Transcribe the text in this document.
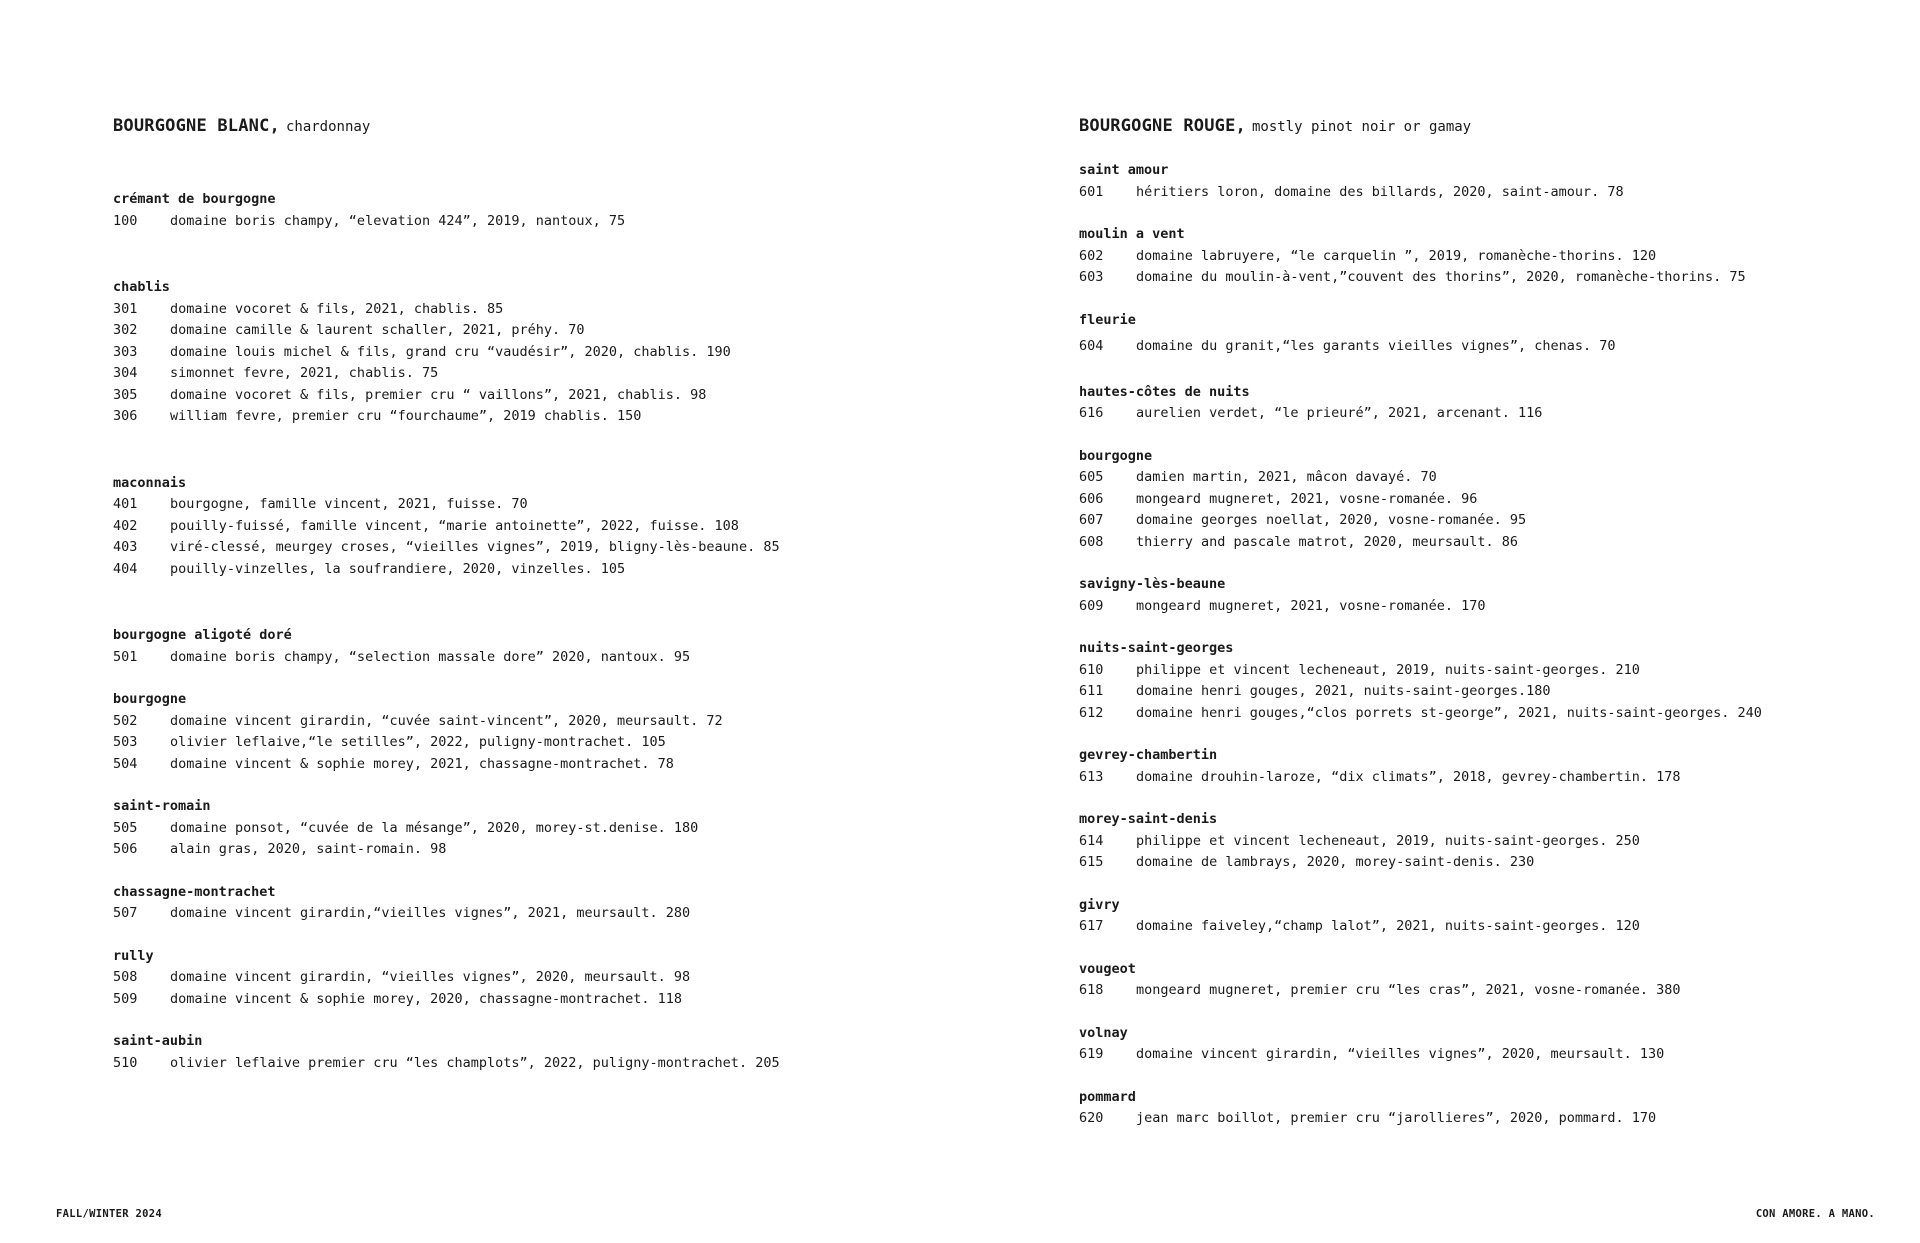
BOURGOGNE BLANC, chardonnay
crémant de bourgogne
100	domaine boris champy, “elevation 424”, 2019, nantoux, 75
chablis
301	domaine vocoret & fils, 2021, chablis. 85
302	domaine camille & laurent schaller, 2021, préhy. 70
303	domaine louis michel & fils, grand cru “vaudésir”, 2020, chablis. 190
304	simonnet fevre, 2021, chablis. 75
305	domaine vocoret & fils, premier cru “ vaillons”, 2021, chablis. 98
306	william fevre, premier cru “fourchaume”, 2019 chablis. 150
maconnais
401	bourgogne, famille vincent, 2021, fuisse. 70
402	pouilly-fuissé, famille vincent, “marie antoinette”, 2022, fuisse. 108
403	viré-clessé, meurgey croses, “vieilles vignes”, 2019, bligny-lès-beaune. 85
404	pouilly-vinzelles, la soufrandiere, 2020, vinzelles. 105
bourgogne aligoté doré
501	domaine boris champy, “selection massale dore” 2020, nantoux. 95
bourgogne
502	domaine vincent girardin, “cuvée saint-vincent”, 2020, meursault. 72
503	olivier leflaive,“le setilles”, 2022, puligny-montrachet. 105
504	domaine vincent & sophie morey, 2021, chassagne-montrachet. 78
saint-romain
505	domaine ponsot, “cuvée de la mésange”, 2020, morey-st.denise. 180
506	alain gras, 2020, saint-romain. 98
chassagne-montrachet
507	domaine vincent girardin,“vieilles vignes”, 2021, meursault. 280
rully
508	domaine vincent girardin, “vieilles vignes”, 2020, meursault. 98
509	domaine vincent & sophie morey, 2020, chassagne-montrachet. 118
saint-aubin
510	olivier leflaive premier cru “les champlots”, 2022, puligny-montrachet. 205
BOURGOGNE ROUGE, mostly pinot noir or gamay
saint amour
601	héritiers loron, domaine des billards, 2020, saint-amour. 78
moulin a vent
602	domaine labruyere, “le carquelin ”, 2019, romanèche-thorins. 120
603	domaine du moulin-à-vent,”couvent des thorins”, 2020, romanèche-thorins. 75
fleurie
604	domaine du granit,“les garants vieilles vignes”, chenas. 70
hautes-côtes de nuits
616	aurelien verdet, “le prieuré”, 2021, arcenant. 116
bourgogne
605	damien martin, 2021, mâcon davayé. 70
606	mongeard mugneret, 2021, vosne-romanée. 96
607	domaine georges noellat, 2020, vosne-romanée. 95
608	thierry and pascale matrot, 2020, meursault. 86
savigny-lès-beaune
609	mongeard mugneret, 2021, vosne-romanée. 170
nuits-saint-georges
610	philippe et vincent lecheneaut, 2019, nuits-saint-georges. 210
611	domaine henri gouges, 2021, nuits-saint-georges.180
612	domaine henri gouges,“clos porrets st-george”, 2021, nuits-saint-georges. 240
gevrey-chambertin
613	domaine drouhin-laroze, “dix climats”, 2018, gevrey-chambertin. 178
morey-saint-denis
614	philippe et vincent lecheneaut, 2019, nuits-saint-georges. 250
615	domaine de lambrays, 2020, morey-saint-denis. 230
givry
617	domaine faiveley,“champ lalot”, 2021, nuits-saint-georges. 120
vougeot
618	mongeard mugneret, premier cru “les cras”, 2021, vosne-romanée. 380
volnay
619	domaine vincent girardin, “vieilles vignes”, 2020, meursault. 130
pommard
620	jean marc boillot, premier cru “jarollieres”, 2020, pommard. 170
FALL/WINTER 2024	CON AMORE. A MANO.
